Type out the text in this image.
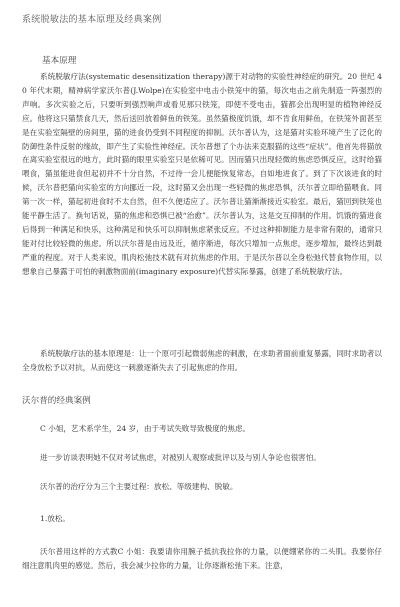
系统脱敏法的基本原理及经典案例
基本原理
系统脱敏疗法(systematic desensitization therapy)源于对动物的实验性神经症的研究。20 世纪 40 年代末期，精神病学家沃尔普(J.Wolpe)在实验室中电击小铁笼中的猫，每次电击之前先制造一阵强烈的声响。多次实验之后，只要听到强烈响声或看见那只铁笼，即使不受电击，猫都会出现明显的植物神经反应。他将这只猫禁食几天，然后送回放着鲜鱼的铁笼。虽然猫极度饥饿，却不肯食用鲜鱼，在铁笼外面甚至是在实验室隔壁的房间里，猫的进食仍受到不同程度的抑制。沃尔普认为，这是猫对实验环境产生了泛化的防御性条件反射的缘故，即产生了实验性神经症。沃尔普想了个办法来克服猫的这些“症状”。他首先将猫放在离实验室很远的地方，此时猫的眼里实验室只是依稀可见。因而猫只出现轻微的焦虑恐惧反应，这时给猫喂食，猫虽能进食但起初并不十分自然，不过待一会儿便能恢复常态，自如地进食了。到了下次该进食的时候，沃尔普把猫向实验室的方向挪近一段，这时猫又会出现一些轻微的焦虑恐惧，沃尔普立即给猫喂食。同第一次一样，猫起初进食时不太自然，但不久便适应了。沃尔普让猫渐渐接近实验室。最后，猫回到铁笼也能平静生活了。换句话说，猫的焦虑和恐惧已被“治愈”。沃尔普认为，这是交互抑制的作用。饥饿的猫进食后得到一种满足和快乐，这种满足和快乐可以抑制焦虑紧张反应。不过这种抑制能力是非常有限的，通常只能对付比较轻微的焦虑。所以沃尔普是由远及近，循序渐进，每次只增加一点焦虑，逐步增加，最终达到最严重的程度。对于人类来说，肌肉松弛技术就有对抗焦虑的作用。于是沃尔普以全身松弛代替食物作用，以想象自己暴露于可怕的刺激物面前(imaginary exposure)代替实际暴露，创建了系统脱敏疗法。
系统脱敏疗法的基本原理是：让一个原可引起微弱焦虑的刺激，在求助者面前重复暴露，同时求助者以全身放松予以对抗，从而使这一刺激逐渐失去了引起焦虑的作用。
沃尔普的经典案例
C 小姐，艺术系学生，24 岁，由于考试失败导致极度的焦虑。
进一步访谈表明她不仅对考试焦虑，对被别人观察或批评以及与别人争论也很害怕。
沃尔普的治疗分为三个主要过程：放松、等级建构、脱敏。
1.放松。
沃尔普用这样的方式教C 小姐：我要请你用腕子抵抗我拉你的力量，以便绷紧你的二头肌。我要你仔细注意肌肉里的感觉。然后，我会减少拉你的力量，让你逐渐松弛下来。注意，
